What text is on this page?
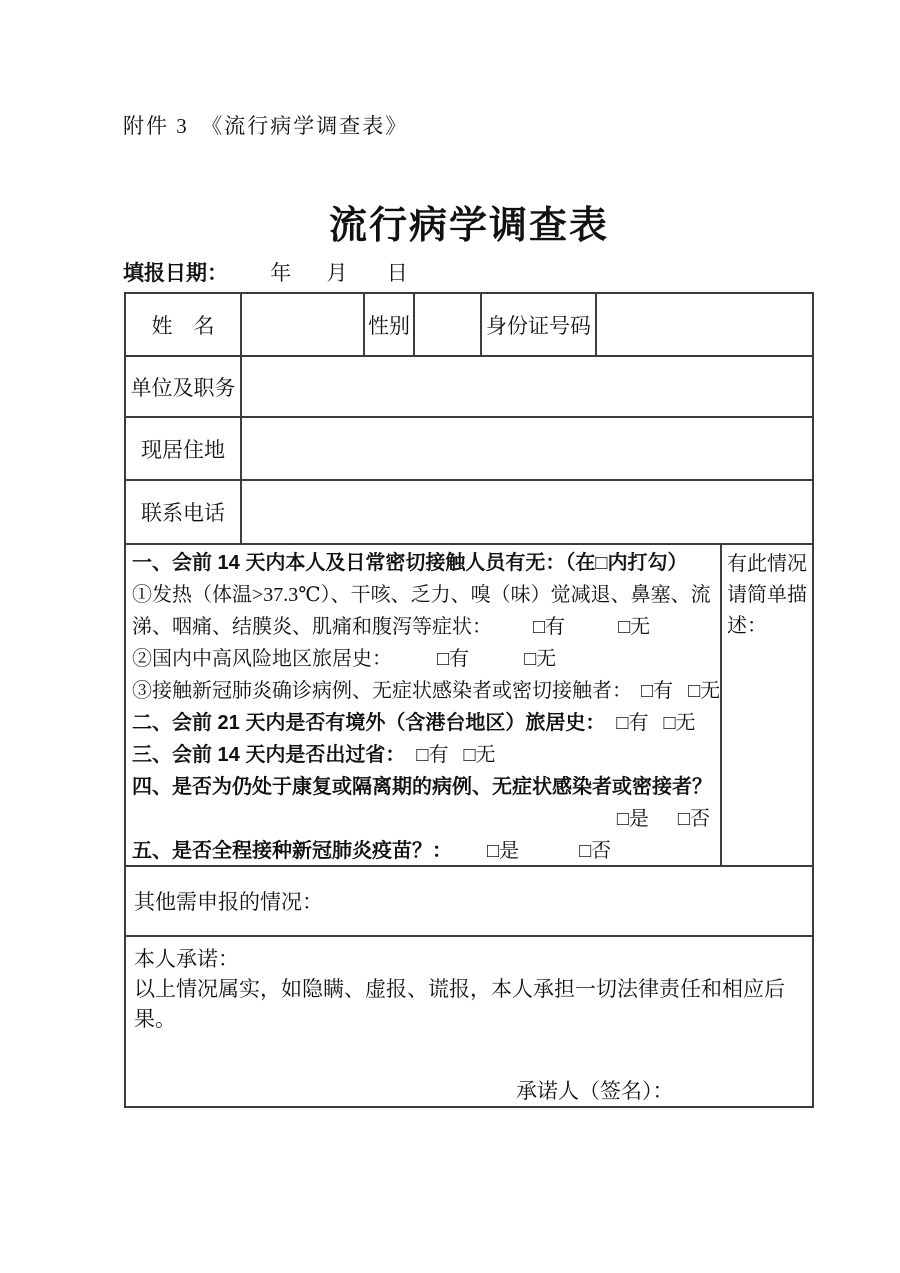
附件 3　《流行病学调查表》
流行病学调查表
填报日期： 年 月 日
姓　名	性别	身份证号码
单位及职务
现居住地
联系电话
一、会前 14 天内本人及日常密切接触人员有无：（在□内打勾）
①发热（体温>37.3℃）、干咳、乏力、嗅（味）觉减退、鼻塞、流
涕、咽痛、结膜炎、肌痛和腹泻等症状： □有	□无
②国内中高风险地区旅居史： □有	□无
③接触新冠肺炎确诊病例、无症状感染者或密切接触者： □有 □无
二、会前 21 天内是否有境外（含港台地区）旅居史： □有 □无
三、会前 14 天内是否出过省： □有 □无
四、是否为仍处于康复或隔离期的病例、无症状感染者或密接者？
□是 □否
五、是否全程接种新冠肺炎疫苗？： □是	□否
有此情况请简单描述：
其他需申报的情况：
本人承诺：
以上情况属实，如隐瞒、虚报、谎报，本人承担一切法律责任和相应后果。
承诺人（签名）：
